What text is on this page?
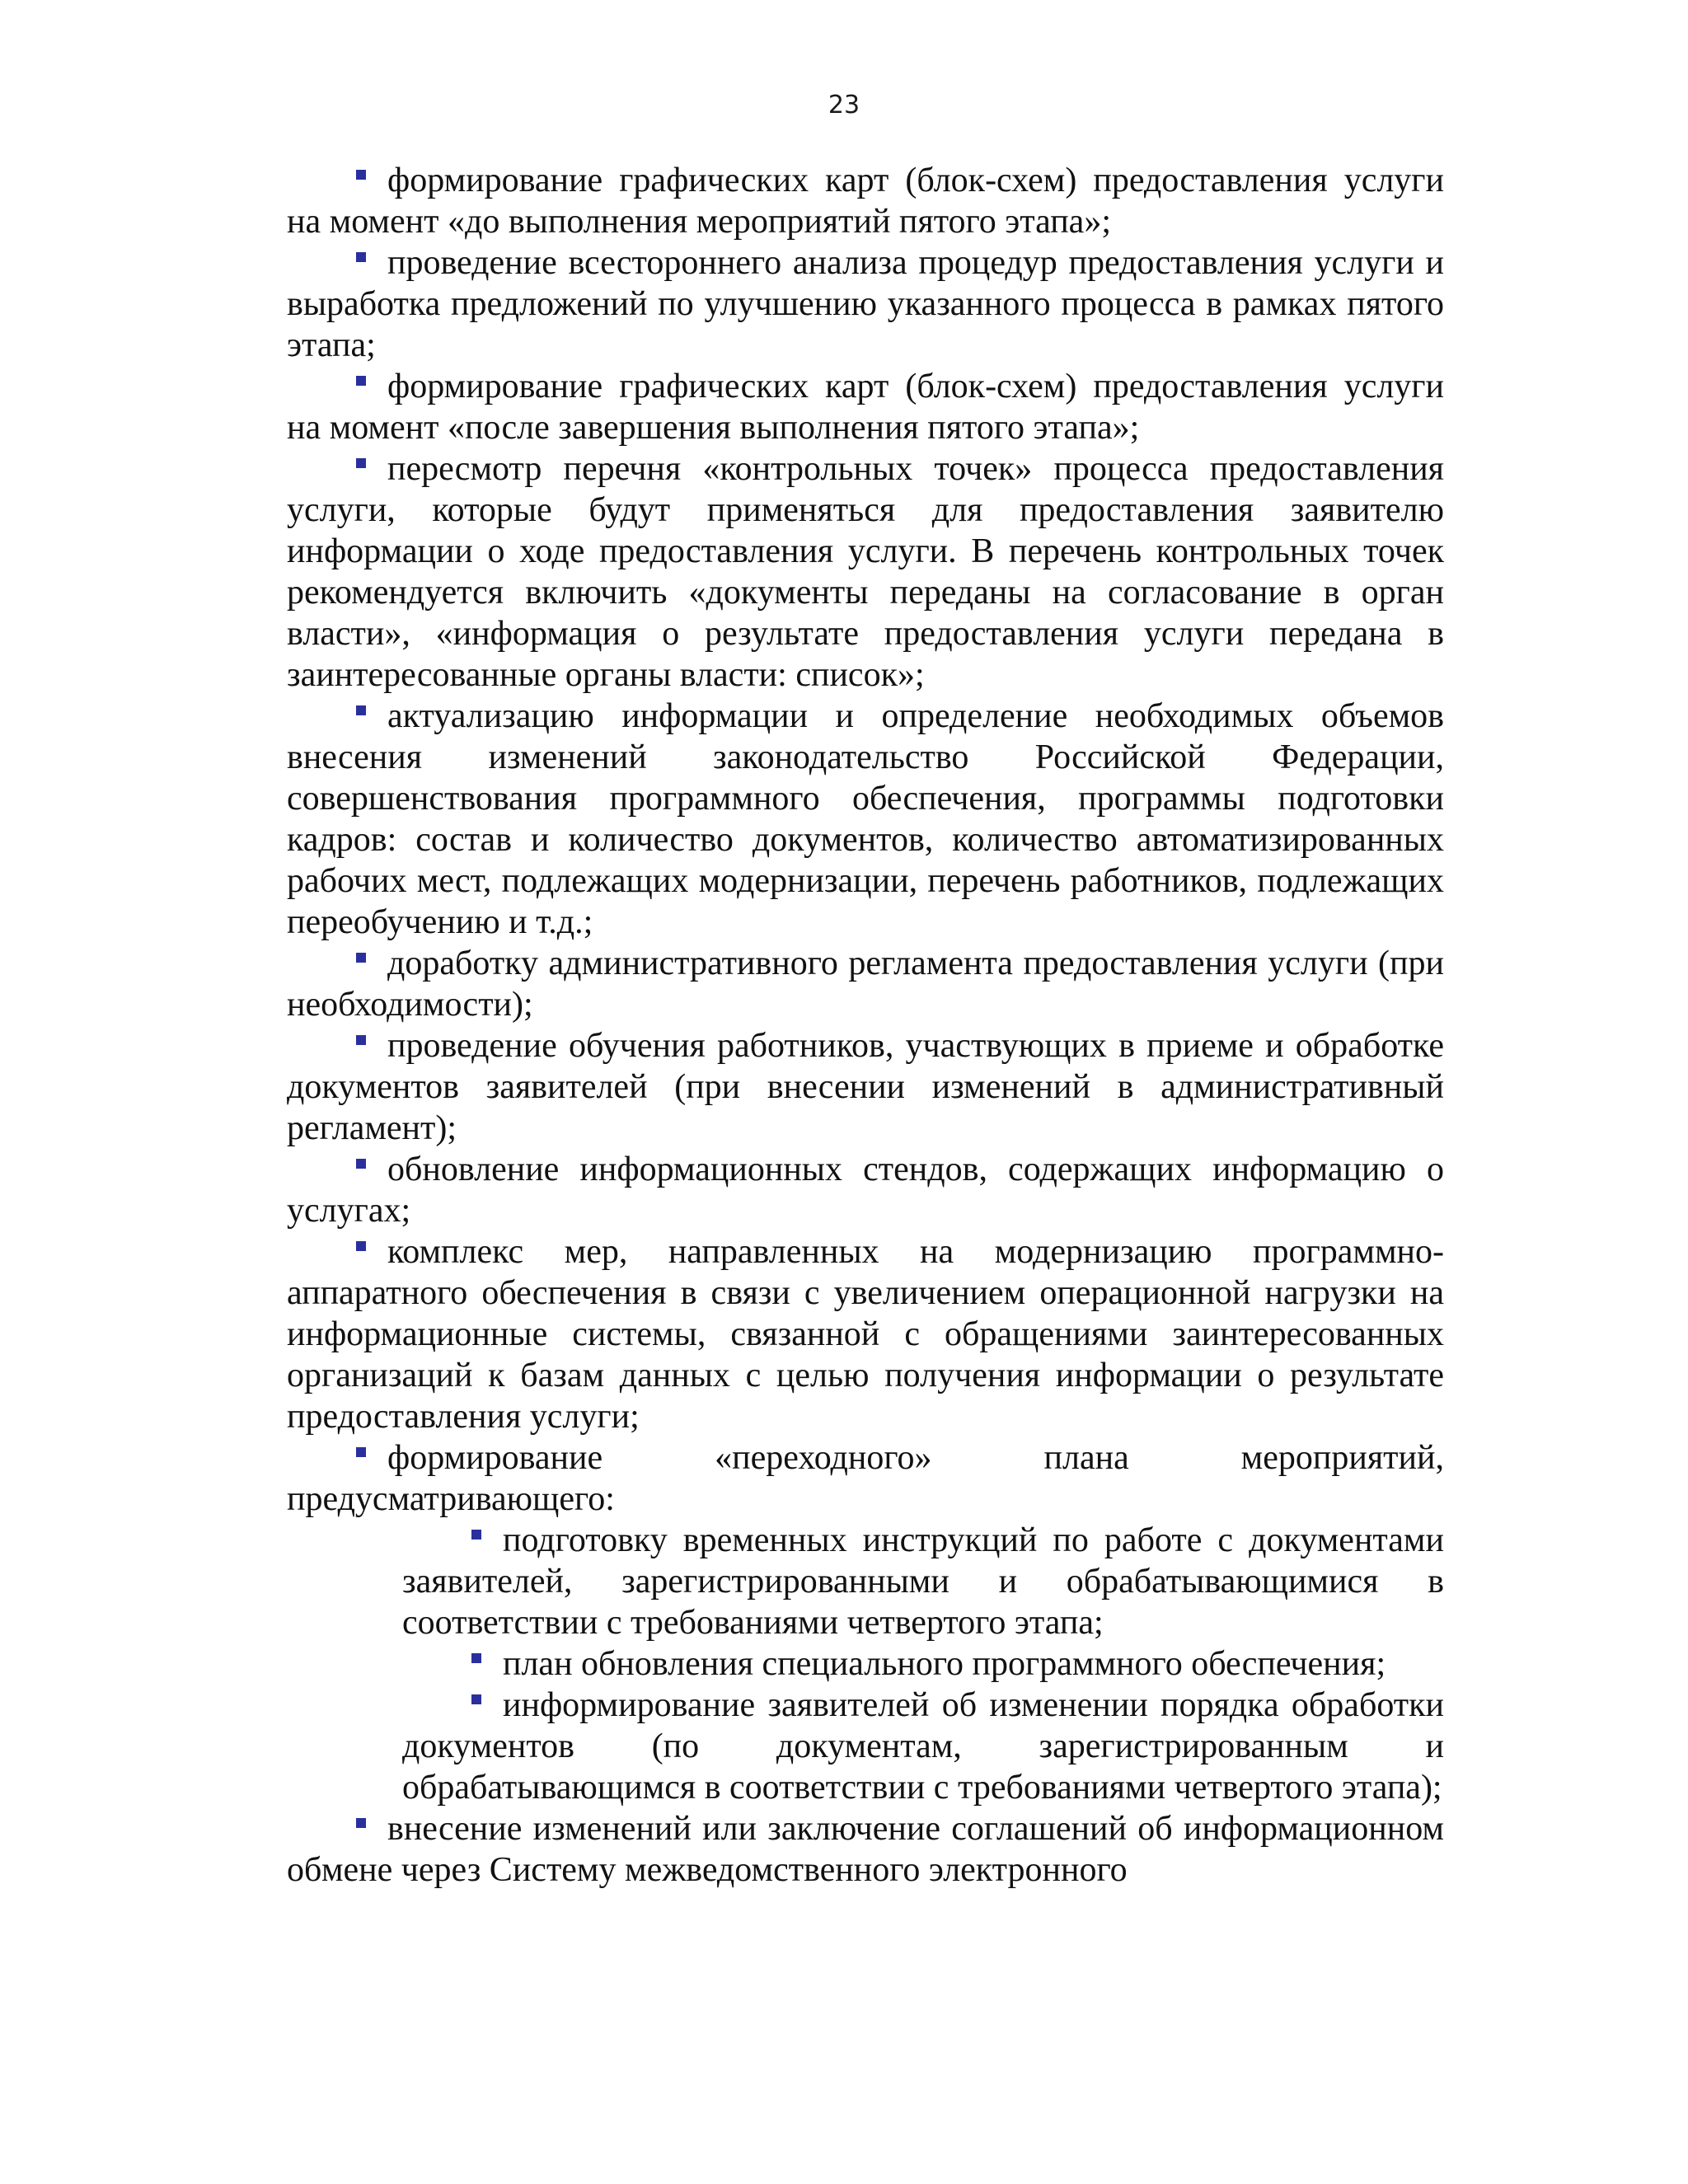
23

формирование графических карт (блок-схем) предоставления услуги на момент «до выполнения мероприятий пятого этапа»;

проведение всестороннего анализа процедур предоставления услуги и выработка предложений по улучшению указанного процесса в рамках пятого этапа;

формирование графических карт (блок-схем) предоставления услуги на момент «после завершения выполнения пятого этапа»;

пересмотр перечня «контрольных точек» процесса предоставления услуги, которые будут применяться для предоставления заявителю информации о ходе предоставления услуги. В перечень контрольных точек рекомендуется включить «документы переданы на согласование в орган власти», «информация о результате предоставления услуги передана в заинтересованные органы власти: список»;

актуализацию информации и определение необходимых объемов внесения изменений законодательство Российской Федерации, совершенствования программного обеспечения, программы подготовки кадров: состав и количество документов, количество автоматизированных рабочих мест, подлежащих модернизации, перечень работников, подлежащих переобучению и т.д.;

доработку административного регламента предоставления услуги (при необходимости);

проведение обучения работников, участвующих в приеме и обработке документов заявителей (при внесении изменений в административный регламент);

обновление информационных стендов, содержащих информацию о услугах;

комплекс мер, направленных на модернизацию программно-аппаратного обеспечения в связи с увеличением операционной нагрузки на информационные системы, связанной с обращениями заинтересованных организаций к базам данных с целью получения информации о результате предоставления услуги;

формирование «переходного» плана мероприятий, предусматривающего:

подготовку временных инструкций по работе с документами заявителей, зарегистрированными и обрабатывающимися в соответствии с требованиями четвертого этапа;

план обновления специального программного обеспечения;

информирование заявителей об изменении порядка обработки документов (по документам, зарегистрированным и обрабатывающимся в соответствии с требованиями четвертого этапа);

внесение изменений или заключение соглашений об информационном обмене через Систему межведомственного электронного
